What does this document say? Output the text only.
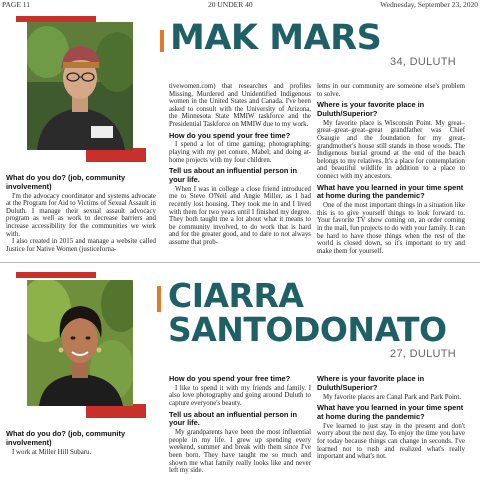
PAGE 11	20 UNDER 40	Wednesday, September 23, 2020
MAK MARS
34, DULUTH
What do you do? (job, community involvement)

I'm the advocacy coordinator and systems advocate at the Program for Aid to Victims of Sexual Assault in Duluth. I manage their sexual assault advocacy program as well as work to decrease barriers and increase accessibility for the communities we work with.

I also created in 2015 and manage a website called Justice for Native Women (justiceforna-

tivewomen.com) that researches and profiles Missing, Murdered and Unidentified Indigenous women in the United States and Canada. I've been asked to consult with the University of Arizona, the Minnesota State MMIW taskforce and the Presidential Taskforce on MMIW due to my work.

How do you spend your free time?

I spend a lot of time gaming; photographing; playing with my pet conure, Mabel; and doing at-home projects with my four children.

Tell us about an influential person in your life.

When I was in college a close friend introduced me to Steve O'Neil and Angie Miller, as I had recently lost housing. They took me in and I lived with them for two years until I finished my degree. They both taught me a lot about what it means to be community involved, to do work that is hard and for the greater good, and to dare to not always assume that prob-

lems in our community are someone else's problem to solve.

Where is your favorite place in Duluth/Superior?

My favorite place is Wisconsin Point. My great–great–great–great–great grandfather was Chief Osaugie and the foundation for my great-grandmother's house still stands in those woods. The Indigenous burial ground at the end of the beach belongs to my relatives. It's a place for contemplation and beautiful wildlife in addition to a place to connect with my ancestors.

What have you learned in your time spent at home during the pandemic?

One of the most important things in a situation like this is to give yourself things to look forward to. Your favorite TV show coming on, an order coming in the mail, fun projects to do with your family. It can be hard to have those things when the rest of the world is closed down, so it's important to try and make them for yourself.

CIARRA
SANTODONATO
27, DULUTH
What do you do? (job, community involvement)

I work at Miller Hill Subaru.

How do you spend your free time?

I like to spend it with my friends and family. I also love photography and going around Duluth to capture everyone's beauty.

Tell us about an influential person in your life.

My grandparents have been the most influential people in my life. I grew up spending every weekend, summer and break with them since I've been born. They have taught me so much and shown me what family really looks like and never left my side.

Where is your favorite place in Duluth/Superior?

My favorite places are Canal Park and Park Point.

What have you learned in your time spent at home during the pandemic?

I've learned to just stay in the present and don't worry about the next day. To enjoy the time you have for today because things can change in seconds. I've learned not to rush and realized what's really important and what's not.
